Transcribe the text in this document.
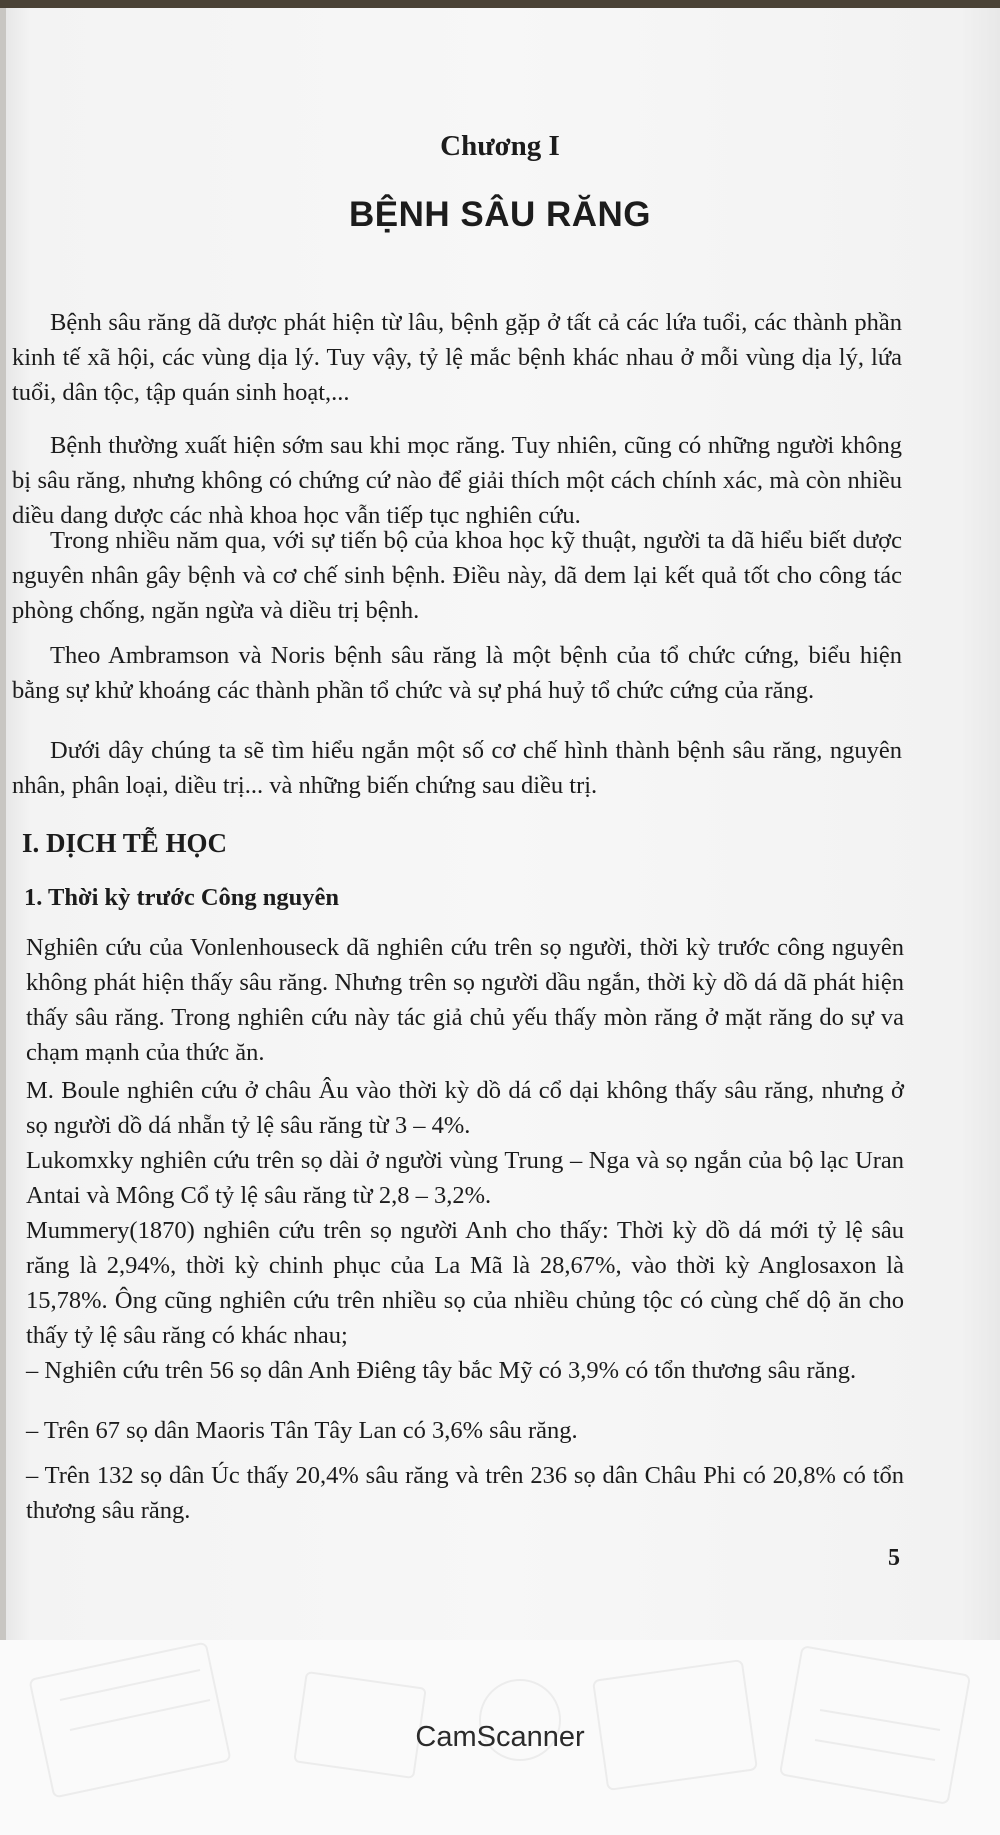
Chương I
BỆNH SÂU RĂNG

Bệnh sâu răng dã dược phát hiện từ lâu, bệnh gặp ở tất cả các lứa tuổi, các thành phần kinh tế xã hội, các vùng dịa lý. Tuy vậy, tỷ lệ mắc bệnh khác nhau ở mỗi vùng dịa lý, lứa tuổi, dân tộc, tập quán sinh hoạt,...

Bệnh thường xuất hiện sớm sau khi mọc răng. Tuy nhiên, cũng có những người không bị sâu răng, nhưng không có chứng cứ nào để giải thích một cách chính xác, mà còn nhiều diều dang dược các nhà khoa học vẫn tiếp tục nghiên cứu.

Trong nhiều năm qua, với sự tiến bộ của khoa học kỹ thuật, người ta dã hiểu biết dược nguyên nhân gây bệnh và cơ chế sinh bệnh. Điều này, dã dem lại kết quả tốt cho công tác phòng chống, ngăn ngừa và diều trị bệnh.

Theo Ambramson và Noris bệnh sâu răng là một bệnh của tổ chức cứng, biểu hiện bằng sự khử khoáng các thành phần tổ chức và sự phá huỷ tổ chức cứng của răng.

Dưới dây chúng ta sẽ tìm hiểu ngắn một số cơ chế hình thành bệnh sâu răng, nguyên nhân, phân loại, diều trị... và những biến chứng sau diều trị.

I. DỊCH TỄ HỌC
1. Thời kỳ trước Công nguyên

Nghiên cứu của Vonlenhouseck dã nghiên cứu trên sọ người, thời kỳ trước công nguyên không phát hiện thấy sâu răng. Nhưng trên sọ người dầu ngắn, thời kỳ dồ dá dã phát hiện thấy sâu răng. Trong nghiên cứu này tác giả chủ yếu thấy mòn răng ở mặt răng do sự va chạm mạnh của thức ăn.

M. Boule nghiên cứu ở châu Âu vào thời kỳ dồ dá cổ dại không thấy sâu răng, nhưng ở sọ người dồ dá nhẵn tỷ lệ sâu răng từ 3 – 4%.

Lukomxky nghiên cứu trên sọ dài ở người vùng Trung – Nga và sọ ngắn của bộ lạc Uran Antai và Mông Cổ tỷ lệ sâu răng từ 2,8 – 3,2%.

Mummery(1870) nghiên cứu trên sọ người Anh cho thấy: Thời kỳ dồ dá mới tỷ lệ sâu răng là 2,94%, thời kỳ chinh phục của La Mã là 28,67%, vào thời kỳ Anglosaxon là 15,78%. Ông cũng nghiên cứu trên nhiều sọ của nhiều chủng tộc có cùng chế dộ ăn cho thấy tỷ lệ sâu răng có khác nhau;

– Nghiên cứu trên 56 sọ dân Anh Điêng tây bắc Mỹ có 3,9% có tổn thương sâu răng.

– Trên 67 sọ dân Maoris Tân Tây Lan có 3,6% sâu răng.

– Trên 132 sọ dân Úc thấy 20,4% sâu răng và trên 236 sọ dân Châu Phi có 20,8% có tổn thương sâu răng.

5
CamScanner
